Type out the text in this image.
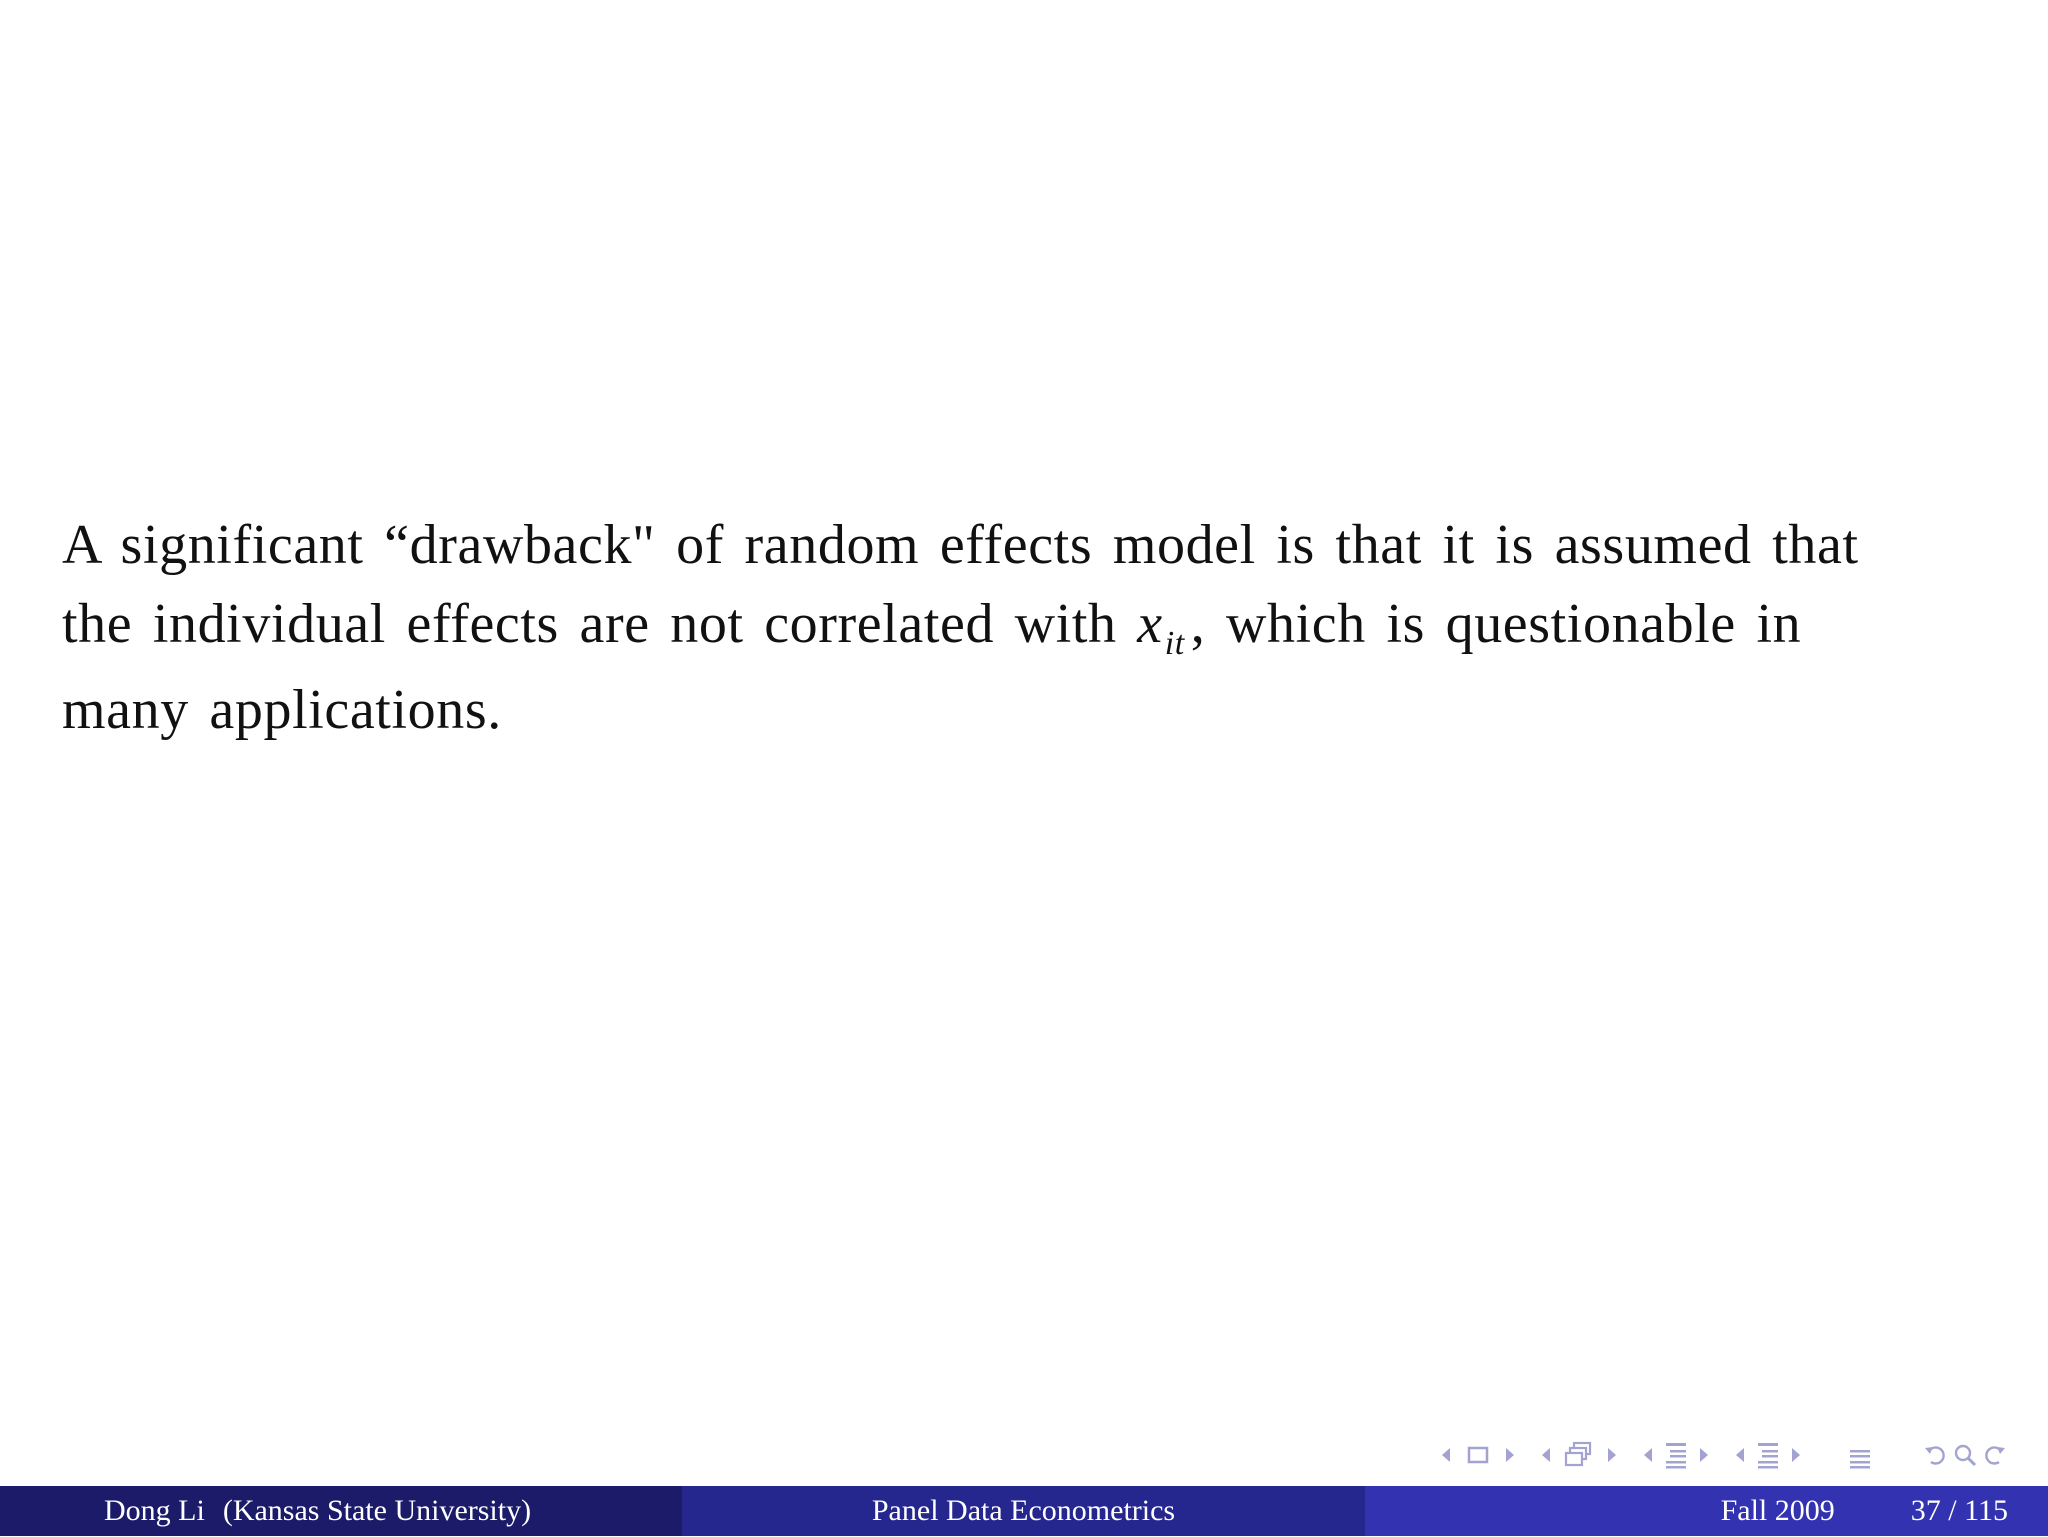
A significant “drawback" of random effects model is that it is assumed that
the individual effects are not correlated with $x_{it}$ , which is questionable in
many applications.
Dong Li (Kansas State University)	Panel Data Econometrics	Fall 2009	37 / 115
